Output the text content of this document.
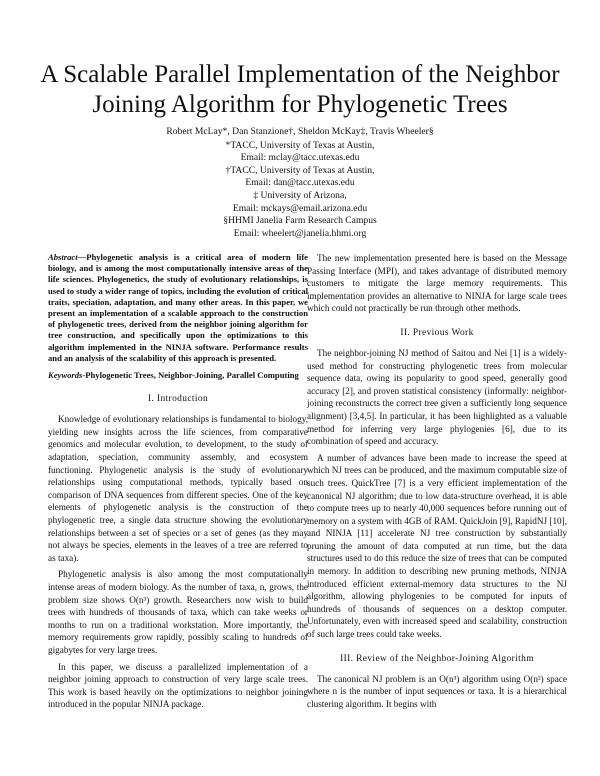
A Scalable Parallel Implementation of the Neighbor
Joining Algorithm for Phylogenetic Trees
Robert McLay*, Dan Stanzione†, Sheldon McKay‡, Travis Wheeler§
*TACC, University of Texas at Austin,
Email: mclay@tacc.utexas.edu
†TACC, University of Texas at Austin,
Email: dan@tacc.utexas.edu
‡ University of Arizona,
Email: mckays@email.arizona.edu
§HHMI Janelia Farm Research Campus
Email: wheelert@janelia.hhmi.org
Abstract—Phylogenetic analysis is a critical area of modern life biology, and is among the most computationally intensive areas of the life sciences. Phylogenetics, the study of evolutionary relationships, is used to study a wider range of topics, including the evolution of critical traits, speciation, adaptation, and many other areas. In this paper, we present an implementation of a scalable approach to the construction of phylogenetic trees, derived from the neighbor joining algorithm for tree construction, and specifically upon the optimizations to this algorithm implemented in the NINJA software. Performance results and an analysis of the scalability of this approach is presented.
Keywords-Phylogenetic Trees, Neighbor-Joining, Parallel Computing
I. Introduction

Knowledge of evolutionary relationships is fundamental to biology, yielding new insights across the life sciences, from comparative genomics and molecular evolution, to development, to the study of adaptation, speciation, community assembly, and ecosystem functioning. Phylogenetic analysis is the study of evolutionary relationships using computational methods, typically based on comparison of DNA sequences from different species. One of the key elements of phylogenetic analysis is the construction of the phylogenetic tree, a single data structure showing the evolutionary relationships between a set of species or a set of genes (as they may not always be species, elements in the leaves of a tree are referred to as taxa).

Phylogenetic analysis is also among the most computationally intense areas of modern biology. As the number of taxa, n, grows, the problem size shows O(n³) growth. Researchers now wish to build trees with hundreds of thousands of taxa, which can take weeks or months to run on a traditional workstation. More importantly, the memory requirements grow rapidly, possibly scaling to hundreds of gigabytes for very large trees.

In this paper, we discuss a parallelized implementation of a neighbor joining approach to construction of very large scale trees. This work is based heavily on the optimizations to neighbor joining introduced in the popular NINJA package.

The new implementation presented here is based on the Message Passing Interface (MPI), and takes advantage of distributed memory customers to mitigate the large memory requirements. This implementation provides an alternative to NINJA for large scale trees which could not practically be run through other methods.

II. Previous Work

The neighbor-joining NJ method of Saitou and Nei [1] is a widely-used method for constructing phylogenetic trees from molecular sequence data, owing its popularity to good speed, generally good accuracy [2], and proven statistical consistency (informally: neighbor-joining reconstructs the correct tree given a sufficiently long sequence alignment) [3,4,5]. In particular, it has been highlighted as a valuable method for inferring very large phylogenies [6], due to its combination of speed and accuracy.

A number of advances have been made to increase the speed at which NJ trees can be produced, and the maximum computable size of such trees. QuickTree [7] is a very efficient implementation of the canonical NJ algorithm; due to low data-structure overhead, it is able to compute trees up to nearly 40,000 sequences before running out of memory on a system with 4GB of RAM. QuickJoin [9], RapidNJ [10], and NINJA [11] accelerate NJ tree construction by substantially pruning the amount of data computed at run time, but the data structures used to do this reduce the size of trees that can be computed in memory. In addition to describing new pruning methods, NINJA introduced efficient external-memory data structures to the NJ algorithm, allowing phylogenies to be computed for inputs of hundreds of thousands of sequences on a desktop computer. Unfortunately, even with increased speed and scalability, construction of such large trees could take weeks.

III. Review of the Neighbor-Joining Algorithm

The canonical NJ problem is an O(n³) algorithm using O(n²) space where n is the number of input sequences or taxa. It is a hierarchical clustering algorithm. It begins with
